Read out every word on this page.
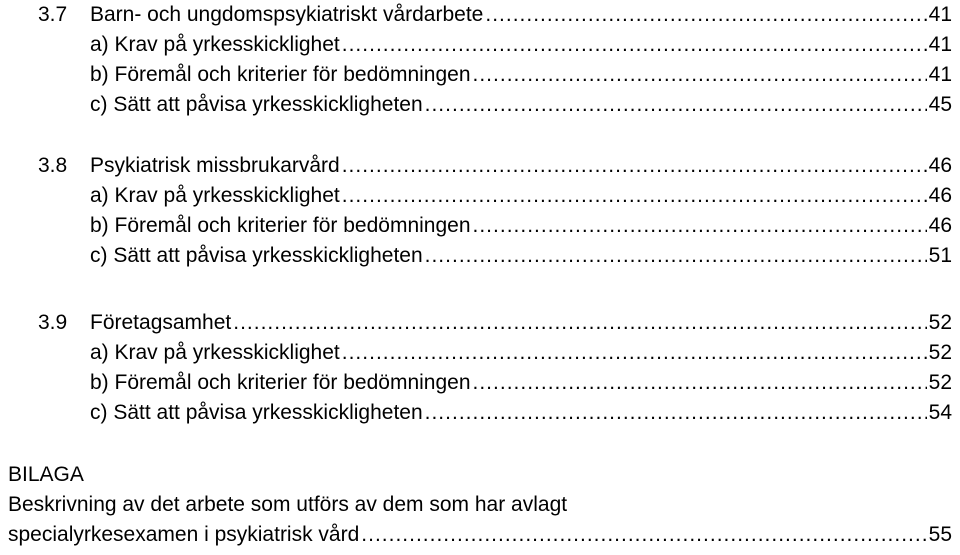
3.7	Barn- och ungdomspsykiatriskt vårdarbete .....	41
a) Krav på yrkesskicklighet .....	41
b) Föremål och kriterier för bedömningen .....	41
c) Sätt att påvisa yrkesskickligheten .....	45
3.8	Psykiatrisk missbrukarvård .....	46
a) Krav på yrkesskicklighet .....	46
b) Föremål och kriterier för bedömningen .....	46
c) Sätt att påvisa yrkesskickligheten .....	51
3.9	Företagsamhet .....	52
a) Krav på yrkesskicklighet .....	52
b) Föremål och kriterier för bedömningen .....	52
c) Sätt att påvisa yrkesskickligheten .....	54
BILAGA
Beskrivning av det arbete som utförs av dem som har avlagt
specialyrkesexamen i psykiatrisk vård .....	55
